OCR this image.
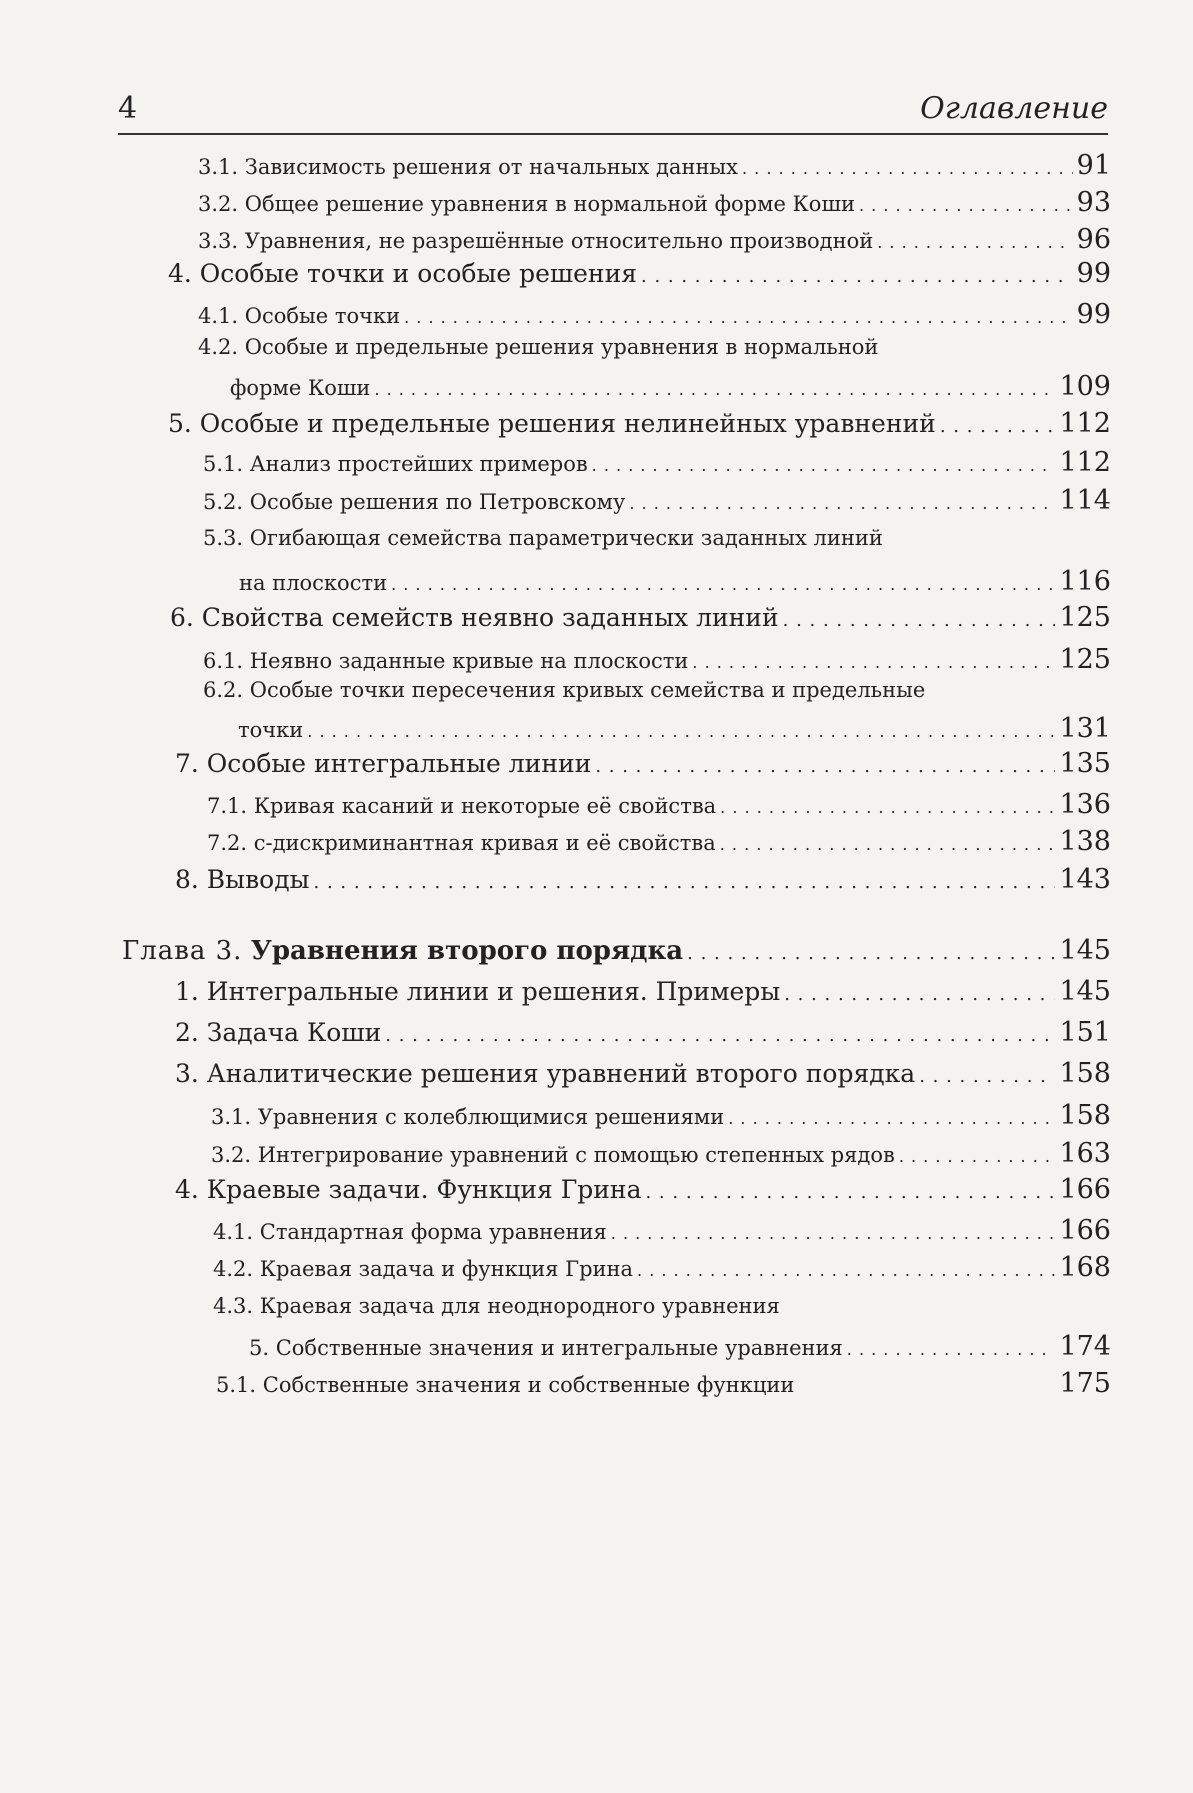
4	Оглавление
3.1. Зависимость решения от начальных данных . . .	91
3.2. Общее решение уравнения в нормальной форме Коши . . .	93
3.3. Уравнения, не разрешённые относительно производной . . .	96
4. Особые точки и особые решения . . .	99
4.1. Особые точки . . .	99
4.2. Особые и предельные решения уравнения в нормальной
форме Коши . . .	109
5. Особые и предельные решения нелинейных уравнений . . .	112
5.1. Анализ простейших примеров . . .	112
5.2. Особые решения по Петровскому . . .	114
5.3. Огибающая семейства параметрически заданных линий
на плоскости . . .	116
6. Свойства семейств неявно заданных линий . . .	125
6.1. Неявно заданные кривые на плоскости . . .	125
6.2. Особые точки пересечения кривых семейства и предельные
точки . . .	131
7. Особые интегральные линии . . .	135
7.1. Кривая касаний и некоторые её свойства . . .	136
7.2. c-дискриминантная кривая и её свойства . . .	138
8. Выводы . . .	143
Глава 3. Уравнения второго порядка . . .	145
1. Интегральные линии и решения. Примеры . . .	145
2. Задача Коши . . .	151
3. Аналитические решения уравнений второго порядка . . .	158
3.1. Уравнения с колеблющимися решениями . . .	158
3.2. Интегрирование уравнений с помощью степенных рядов . . .	163
4. Краевые задачи. Функция Грина . . .	166
4.1. Стандартная форма уравнения . . .	166
4.2. Краевая задача и функция Грина . . .	168
4.3. Краевая задача для неоднородного уравнения
5. Собственные значения и интегральные уравнения . . .	174
5.1. Собственные значения и собственные функции	175
